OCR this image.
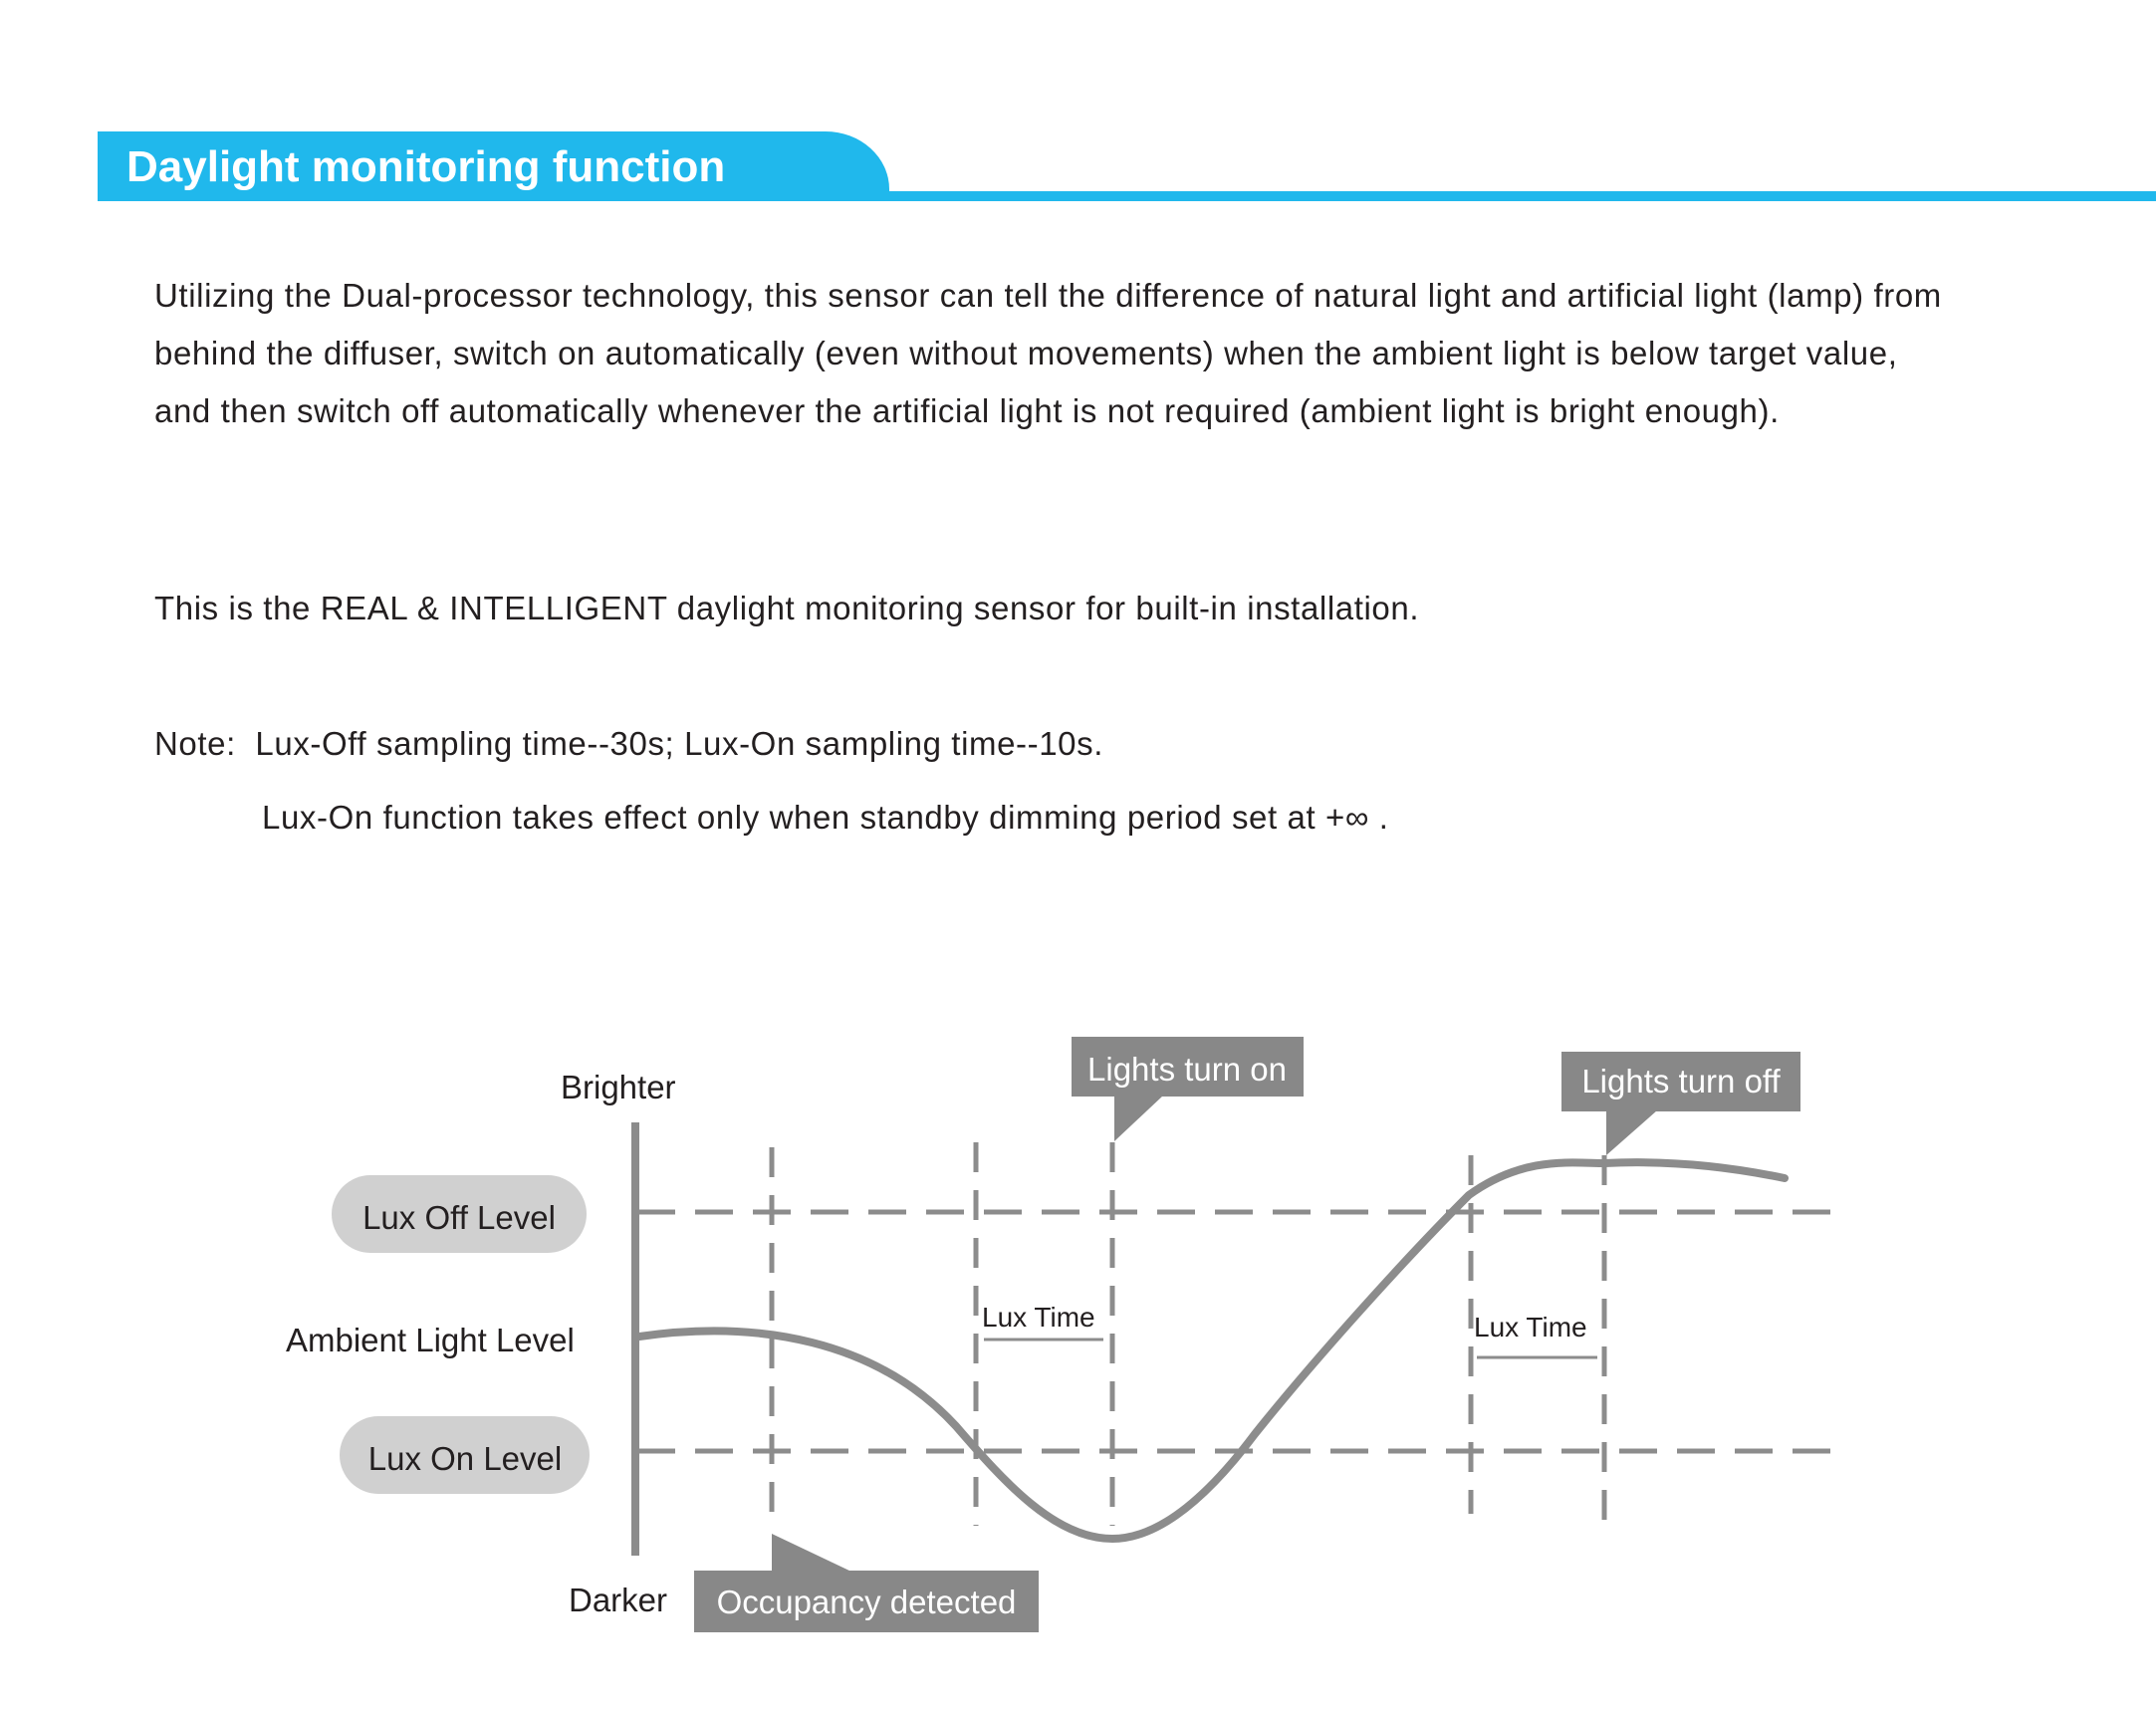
Daylight monitoring function

Utilizing the Dual-processor technology, this sensor can tell the difference of natural light and artificial light (lamp) from

behind the diffuser, switch on automatically (even without movements) when the ambient light is below target value,

and then switch off automatically whenever the artificial light is not required (ambient light is bright enough).

This is the REAL & INTELLIGENT daylight monitoring sensor for built-in installation.

Note: Lux-Off sampling time--30s; Lux-On sampling time--10s.
Lux-On function takes effect only when standby dimming period set at +∞ .
Lux Time	Lux Time
Brighter
Darker
Ambient Light Level
Lux Off Level
Lux On Level
Lights turn on	Lights turn off
Occupancy detected
